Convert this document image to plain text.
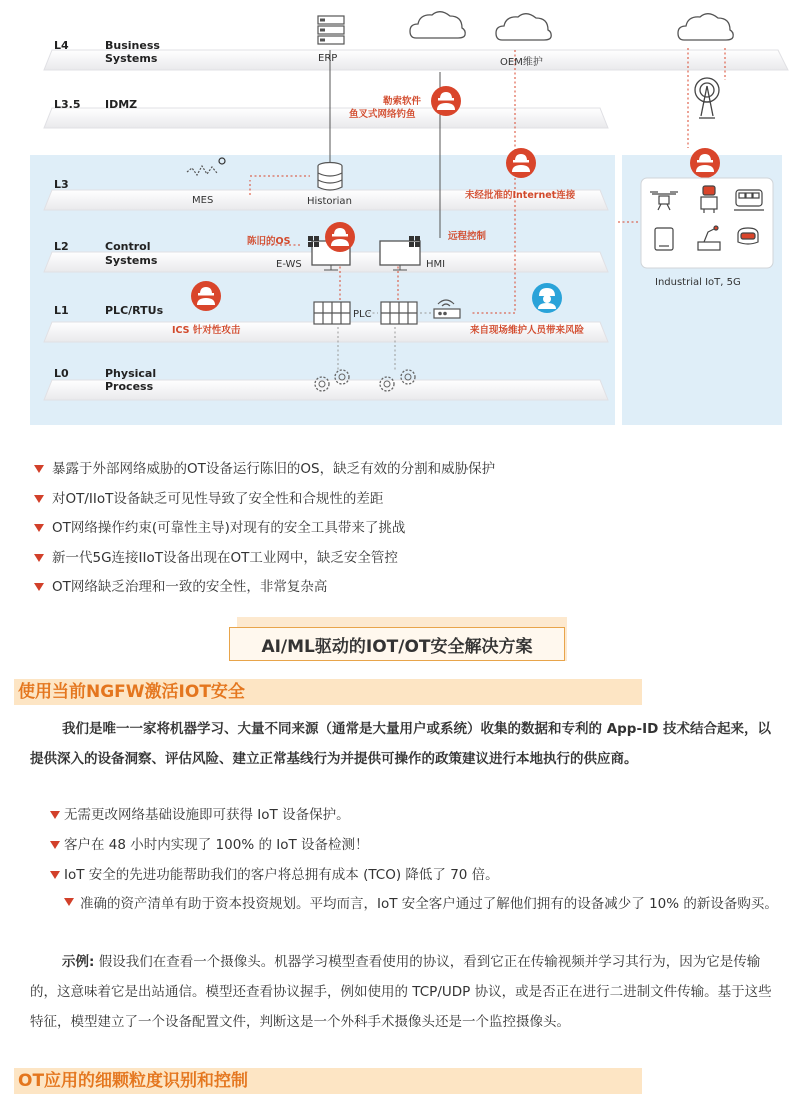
L4	Business
Systems
L3.5 IDMZ
L3
L2	Control
Systems
L1	PLC/RTUs
L0	Physical
Process
ERP	OEM维护
MES	Historian
E-WS	HMI
PLC
Industrial IoT, 5G
勒索软件
鱼叉式网络钓鱼
未经批准的Internet连接
陈旧的OS	远程控制
ICS 针对性攻击	来自现场维护人员带来风险
暴露于外部网络威胁的OT设备运行陈旧的OS，缺乏有效的分割和威胁保护
对OT/IIoT设备缺乏可见性导致了安全性和合规性的差距
OT网络操作约束(可靠性主导)对现有的安全工具带来了挑战
新一代5G连接IIoT设备出现在OT工业网中，缺乏安全管控
OT网络缺乏治理和一致的安全性，非常复杂高
AI/ML驱动的IOT/OT安全解决方案
使用当前NGFW激活IOT安全
我们是唯一一家将机器学习、大量不同来源（通常是大量用户或系统）收集的数据和专利的 App-ID 技术结合起来，以提供深入的设备洞察、评估风险、建立正常基线行为并提供可操作的政策建议进行本地执行的供应商。
无需更改网络基础设施即可获得 IoT 设备保护。
客户在 48 小时内实现了 100% 的 IoT 设备检测！
IoT 安全的先进功能帮助我们的客户将总拥有成本 (TCO) 降低了 70 倍。
准确的资产清单有助于资本投资规划。平均而言，IoT 安全客户通过了解他们拥有的设备减少了 10% 的新设备购买。
示例: 假设我们在查看一个摄像头。机器学习模型查看使用的协议，看到它正在传输视频并学习其行为，因为它是传输的，这意味着它是出站通信。模型还查看协议握手，例如使用的 TCP/UDP 协议，或是否正在进行二进制文件传输。基于这些特征，模型建立了一个设备配置文件，判断这是一个外科手术摄像头还是一个监控摄像头。
OT应用的细颗粒度识别和控制
